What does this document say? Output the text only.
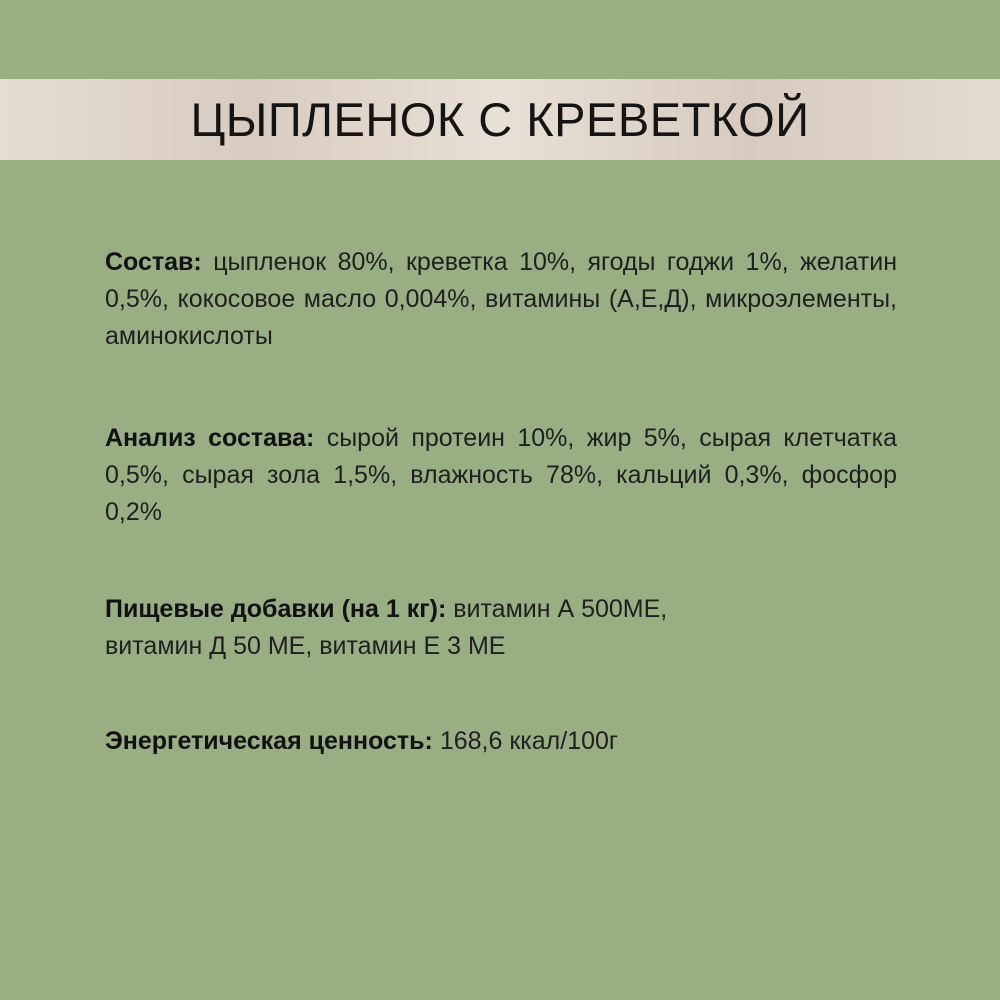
ЦЫПЛЕНОК С КРЕВЕТКОЙ

Состав: цыпленок 80%, креветка 10%, ягоды годжи 1%, желатин 0,5%, кокосовое масло 0,004%, витамины (А,Е,Д), микроэлементы, аминокислоты

Анализ состава: сырой протеин 10%, жир 5%, сырая клетчатка 0,5%, сырая зола 1,5%, влажность 78%, кальций 0,3%, фосфор 0,2%

Пищевые добавки (на 1 кг): витамин А 500МЕ,
витамин Д 50 МЕ, витамин Е 3 МЕ

Энергетическая ценность: 168,6 ккал/100г
